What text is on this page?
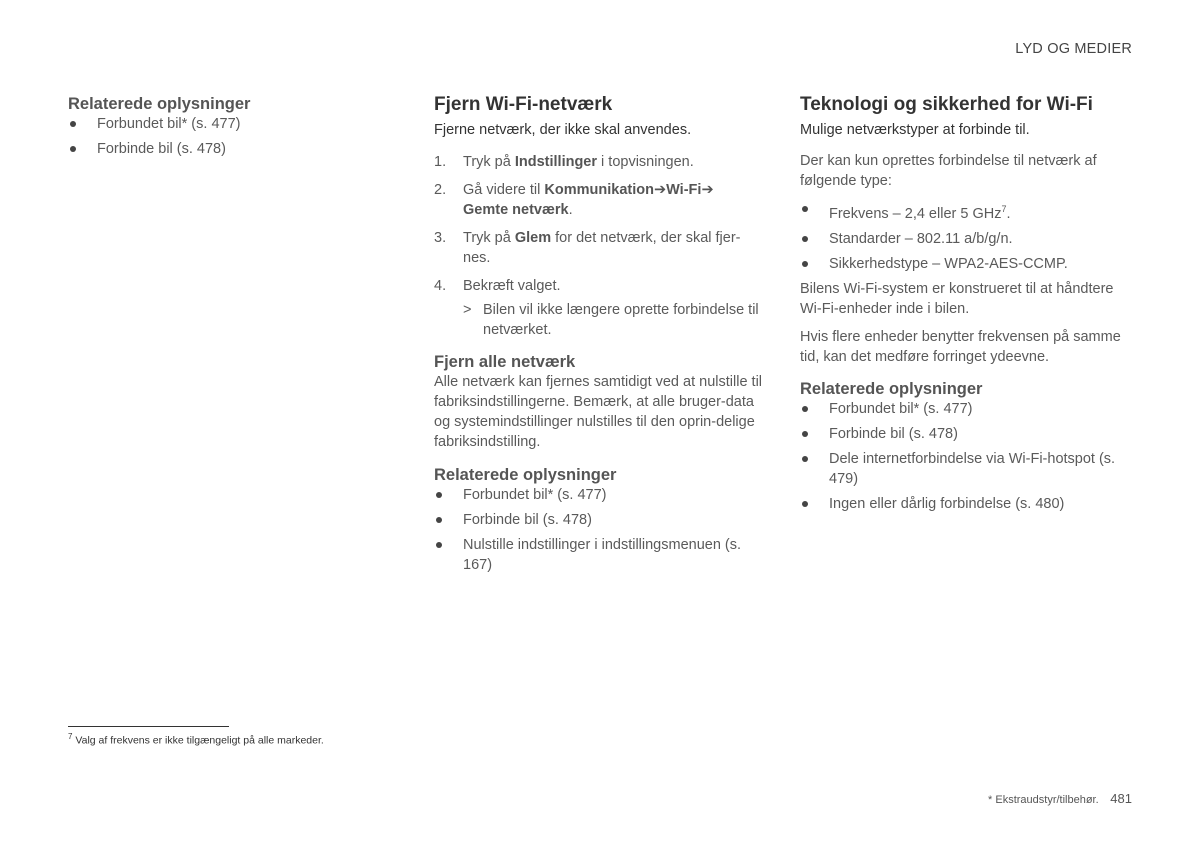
LYD OG MEDIER
Relaterede oplysninger
Forbundet bil* (s. 477)
Forbinde bil (s. 478)
Fjern Wi-Fi-netværk

Fjerne netværk, der ikke skal anvendes.

1. Tryk på Indstillinger i topvisningen.
2. Gå videre til Kommunikation➔Wi-Fi➔
Gemte netværk.
3. Tryk på Glem for det netværk, der skal fjer-nes.
4. Bekræft valget.
> Bilen vil ikke længere oprette forbindelse til netværket.
Fjern alle netværk

Alle netværk kan fjernes samtidigt ved at nulstille til fabriksindstillingerne. Bemærk, at alle bruger-data og systemindstillinger nulstilles til den oprin-delige fabriksindstilling.

Relaterede oplysninger
Forbundet bil* (s. 477)
Forbinde bil (s. 478)
Nulstille indstillinger i indstillingsmenuen (s. 167)
Teknologi og sikkerhed for Wi-Fi

Mulige netværkstyper at forbinde til.

Der kan kun oprettes forbindelse til netværk af følgende type:

Frekvens – 2,4 eller 5 GHz$^7$.
Standarder – 802.11 a/b/g/n.
Sikkerhedstype – WPA2-AES-CCMP.

Bilens Wi-Fi-system er konstrueret til at håndtere Wi-Fi-enheder inde i bilen.

Hvis flere enheder benytter frekvensen på samme tid, kan det medføre forringet ydeevne.

Relaterede oplysninger
Forbundet bil* (s. 477)
Forbinde bil (s. 478)
Dele internetforbindelse via Wi-Fi-hotspot (s. 479)
Ingen eller dårlig forbindelse (s. 480)
$^7$ Valg af frekvens er ikke tilgængeligt på alle markeder.
* Ekstraudstyr/tilbehør. 481
